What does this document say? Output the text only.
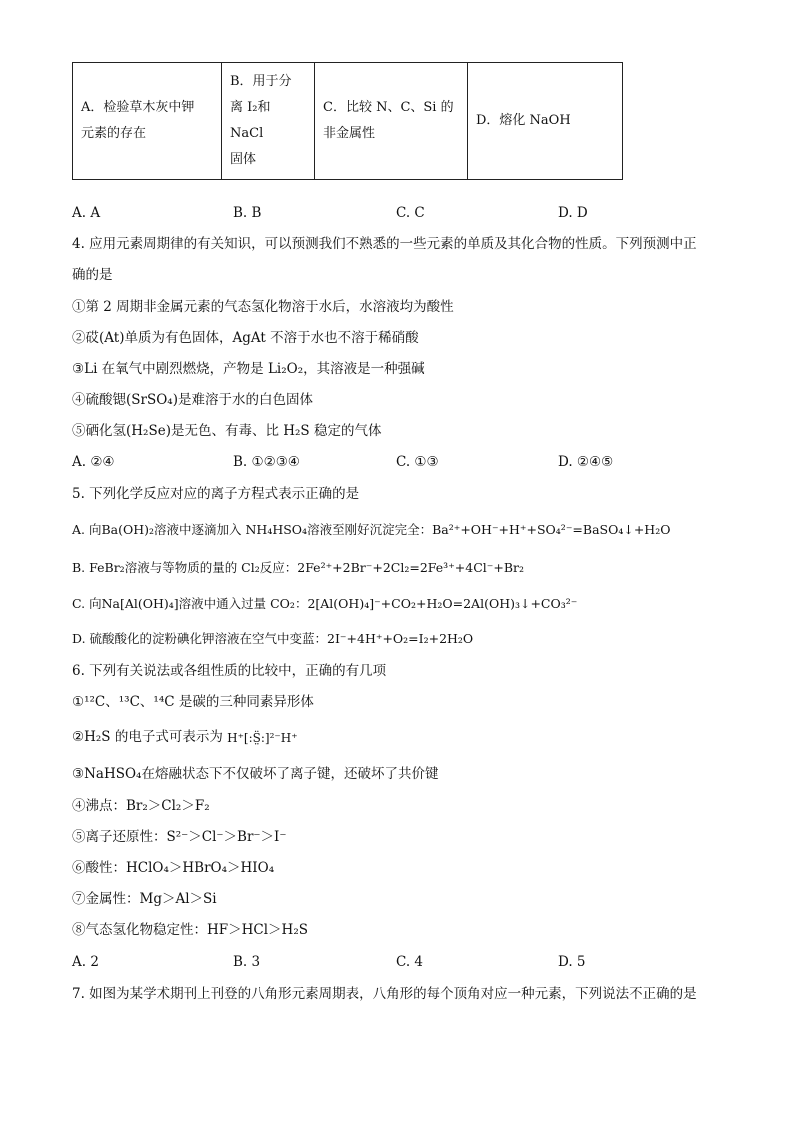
A．检验草木灰中钾
元素的存在

B．用于分
离 I₂和 NaCl
固体

C．比较 N、C、Si 的
非金属性

D．熔化 NaOH
A. A	B. B	C. C	D. D
4. 应用元素周期律的有关知识，可以预测我们不熟悉的一些元素的单质及其化合物的性质。下列预测中正
确的是
①第 2 周期非金属元素的气态氢化物溶于水后，水溶液均为酸性
②砹(At)单质为有色固体，AgAt 不溶于水也不溶于稀硝酸
③Li 在氧气中剧烈燃烧，产物是 Li₂O₂，其溶液是一种强碱
④硫酸锶(SrSO₄)是难溶于水的白色固体
⑤硒化氢(H₂Se)是无色、有毒、比 H₂S 稳定的气体
A. ②④	B. ①②③④	C. ①③	D. ②④⑤
5. 下列化学反应对应的离子方程式表示正确的是
A. 向Ba(OH)₂溶液中逐滴加入 NH₄HSO₄溶液至刚好沉淀完全：Ba²⁺+OH⁻+H⁺+SO₄²⁻=BaSO₄↓+H₂O
B. FeBr₂溶液与等物质的量的 Cl₂反应：2Fe²⁺+2Br⁻+2Cl₂=2Fe³⁺+4Cl⁻+Br₂
C. 向Na[Al(OH)₄]溶液中通入过量 CO₂：2[Al(OH)₄]⁻+CO₂+H₂O=2Al(OH)₃↓+CO₃²⁻
D. 硫酸酸化的淀粉碘化钾溶液在空气中变蓝：2I⁻+4H⁺+O₂=I₂+2H₂O
6. 下列有关说法或各组性质的比较中，正确的有几项
①¹²C、¹³C、¹⁴C 是碳的三种同素异形体
②H₂S 的电子式可表示为 H⁺[:S̤̈:]²⁻H⁺
③NaHSO₄在熔融状态下不仅破坏了离子键，还破坏了共价键
④沸点：Br₂＞Cl₂＞F₂
⑤离子还原性：S²⁻＞Cl⁻＞Br⁻＞I⁻
⑥酸性：HClO₄＞HBrO₄＞HIO₄
⑦金属性：Mg＞Al＞Si
⑧气态氢化物稳定性：HF＞HCl＞H₂S
A. 2	B. 3	C. 4	D. 5
7. 如图为某学术期刊上刊登的八角形元素周期表，八角形的每个顶角对应一种元素，下列说法不正确的是
